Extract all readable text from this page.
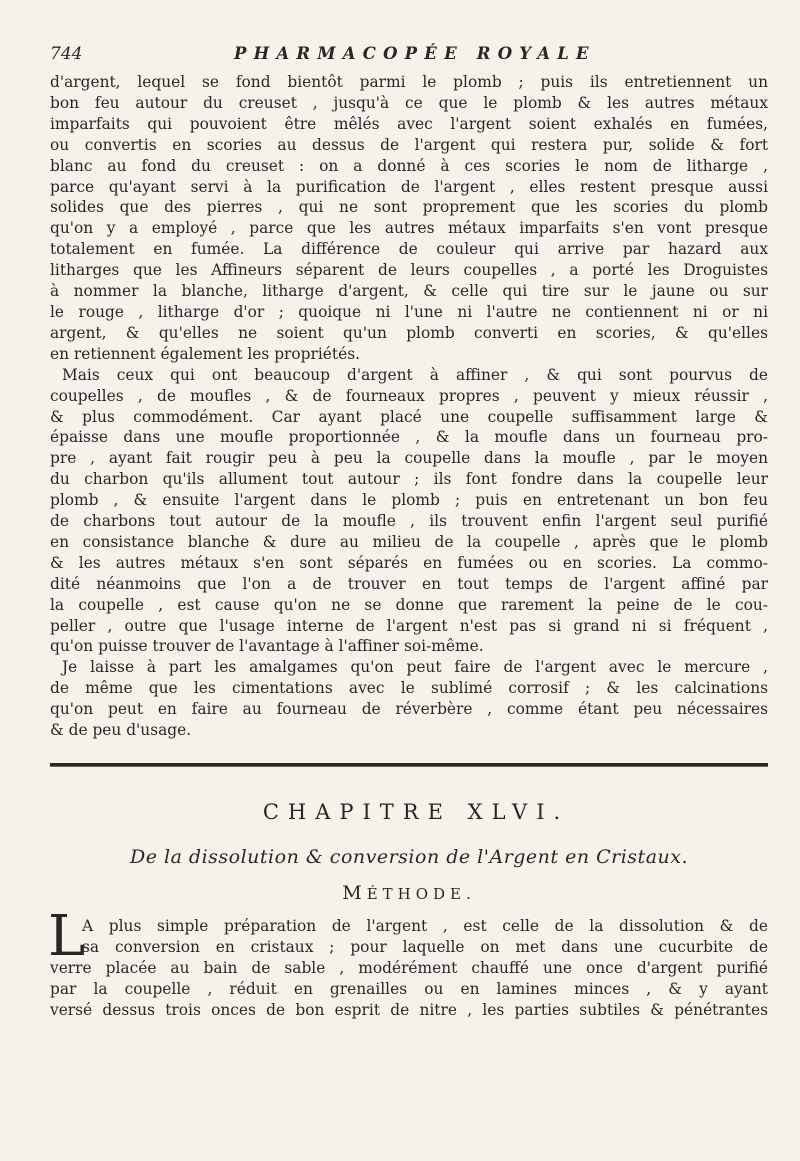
744	PHARMACOPÉE ROYALE
d'argent, lequel se fond bientôt parmi le plomb ; puis ils entretiennent un
bon feu autour du creuset , jusqu'à ce que le plomb & les autres métaux
imparfaits qui pouvoient être mêlés avec l'argent soient exhalés en fumées,
ou convertis en scories au dessus de l'argent qui restera pur, solide & fort
blanc au fond du creuset : on a donné à ces scories le nom de litharge ,
parce qu'ayant servi à la purification de l'argent , elles restent presque aussi
solides que des pierres , qui ne sont proprement que les scories du plomb
qu'on y a employé , parce que les autres métaux imparfaits s'en vont presque
totalement en fumée. La différence de couleur qui arrive par hazard aux
litharges que les Affineurs séparent de leurs coupelles , a porté les Droguistes
à nommer la blanche, litharge d'argent, & celle qui tire sur le jaune ou sur
le rouge , litharge d'or ; quoique ni l'une ni l'autre ne contiennent ni or ni
argent, & qu'elles ne soient qu'un plomb converti en scories, & qu'elles
en retiennent également les propriétés.
Mais ceux qui ont beaucoup d'argent à affiner , & qui sont pourvus de
coupelles , de moufles , & de fourneaux propres , peuvent y mieux réussir ,
& plus commodément. Car ayant placé une coupelle suffisamment large &
épaisse dans une moufle proportionnée , & la moufle dans un fourneau pro-
pre , ayant fait rougir peu à peu la coupelle dans la moufle , par le moyen
du charbon qu'ils allument tout autour ; ils font fondre dans la coupelle leur
plomb , & ensuite l'argent dans le plomb ; puis en entretenant un bon feu
de charbons tout autour de la moufle , ils trouvent enfin l'argent seul purifié
en consistance blanche & dure au milieu de la coupelle , après que le plomb
& les autres métaux s'en sont séparés en fumées ou en scories. La commo-
dité néanmoins que l'on a de trouver en tout temps de l'argent affiné par
la coupelle , est cause qu'on ne se donne que rarement la peine de le cou-
peller , outre que l'usage interne de l'argent n'est pas si grand ni si fréquent ,
qu'on puisse trouver de l'avantage à l'affiner soi-même.
Je laisse à part les amalgames qu'on peut faire de l'argent avec le mercure ,
de même que les cimentations avec le sublimé corrosif ; & les calcinations
qu'on peut en faire au fourneau de réverbère , comme étant peu nécessaires
& de peu d'usage.
CHAPITRE XLVI.
De la dissolution & conversion de l'Argent en Cristaux.
MÉTHODE.
L
A plus simple préparation de l'argent , est celle de la dissolution & de
sa conversion en cristaux ; pour laquelle on met dans une cucurbite de
verre placée au bain de sable , modérément chauffé une once d'argent purifié
par la coupelle , réduit en grenailles ou en lamines minces , & y ayant
versé dessus trois onces de bon esprit de nitre , les parties subtiles & pénétrantes
